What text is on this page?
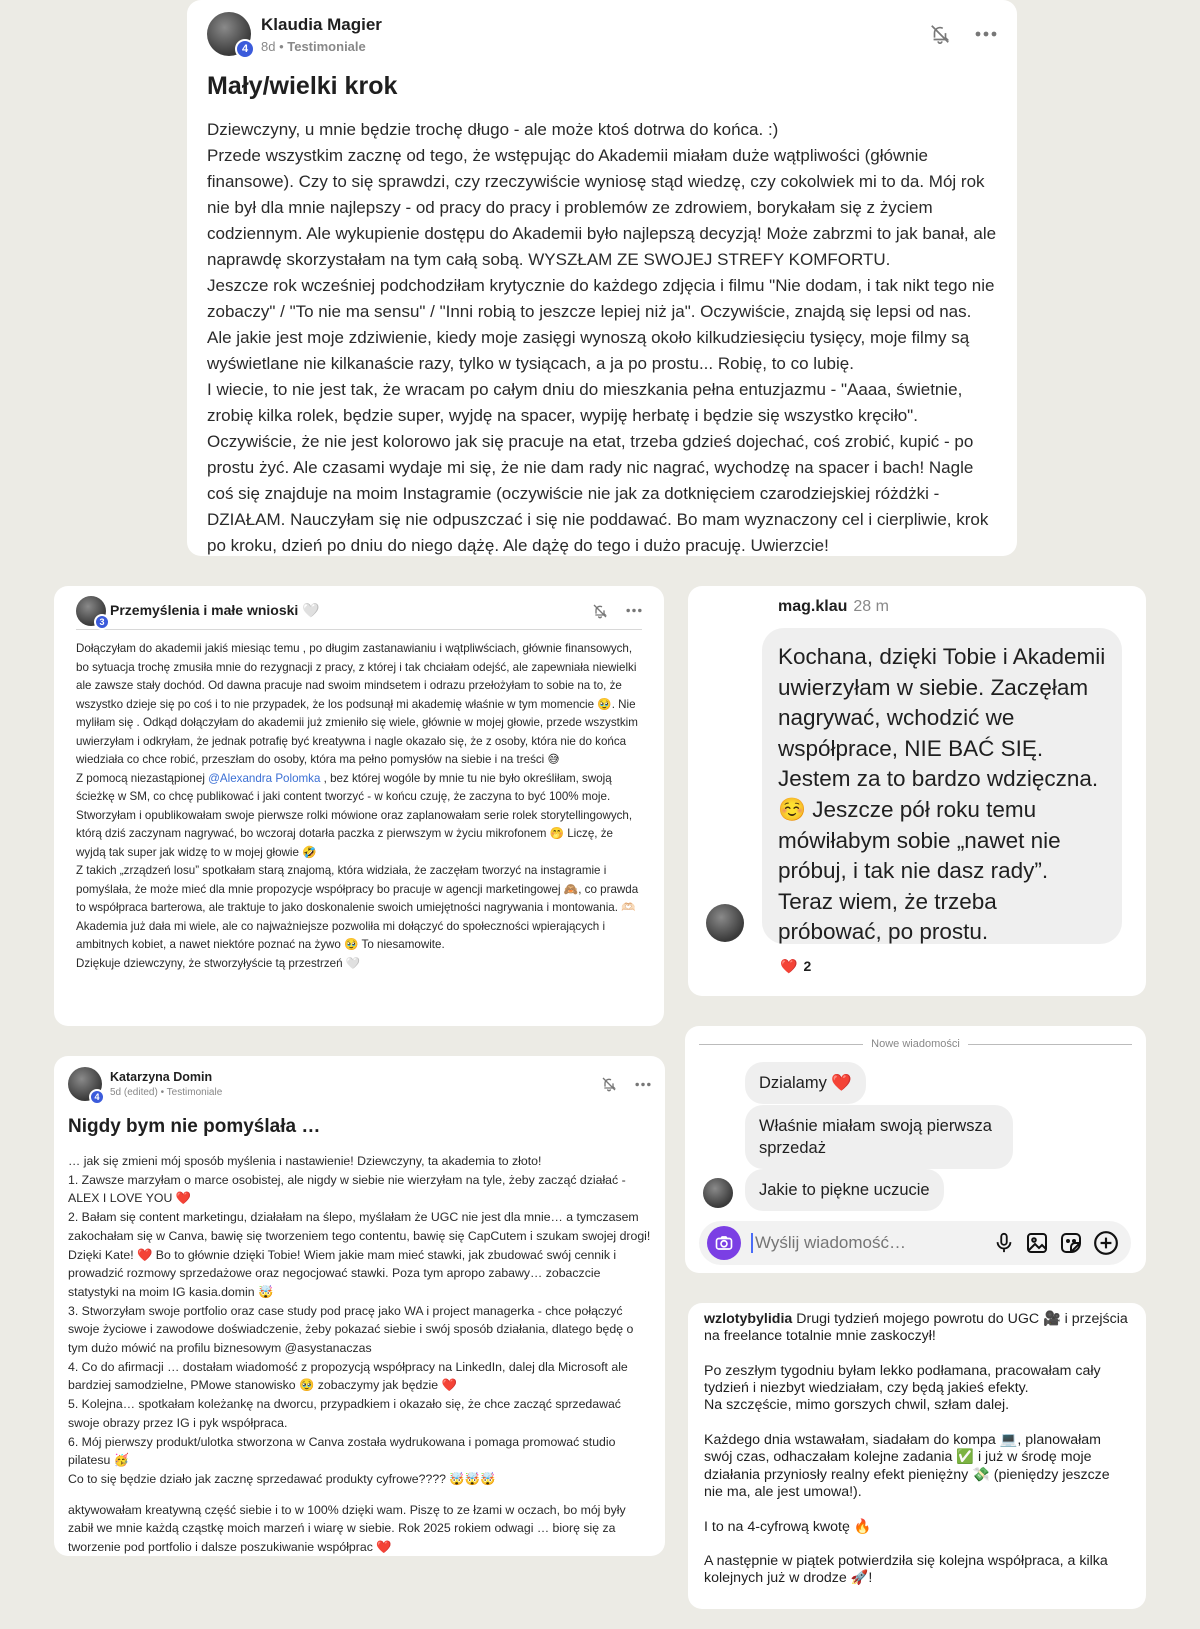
4
Klaudia Magier
8d • Testimoniale
Mały/wielki krok
Dziewczyny, u mnie będzie trochę długo - ale może ktoś dotrwa do końca. :)
Przede wszystkim zacznę od tego, że wstępując do Akademii miałam duże wątpliwości (głównie finansowe). Czy to się sprawdzi, czy rzeczywiście wyniosę stąd wiedzę, czy cokolwiek mi to da. Mój rok nie był dla mnie najlepszy - od pracy do pracy i problemów ze zdrowiem, borykałam się z życiem codziennym. Ale wykupienie dostępu do Akademii było najlepszą decyzją! Może zabrzmi to jak banał, ale naprawdę skorzystałam na tym całą sobą. WYSZŁAM ZE SWOJEJ STREFY KOMFORTU.
Jeszcze rok wcześniej podchodziłam krytycznie do każdego zdjęcia i filmu "Nie dodam, i tak nikt tego nie zobaczy" / "To nie ma sensu" / "Inni robią to jeszcze lepiej niż ja". Oczywiście, znajdą się lepsi od nas. Ale jakie jest moje zdziwienie, kiedy moje zasięgi wynoszą około kilkudziesięciu tysięcy, moje filmy są wyświetlane nie kilkanaście razy, tylko w tysiącach, a ja po prostu... Robię, to co lubię.
I wiecie, to nie jest tak, że wracam po całym dniu do mieszkania pełna entuzjazmu - "Aaaa, świetnie, zrobię kilka rolek, będzie super, wyjdę na spacer, wypiję herbatę i będzie się wszystko kręciło". Oczywiście, że nie jest kolorowo jak się pracuje na etat, trzeba gdzieś dojechać, coś zrobić, kupić - po prostu żyć. Ale czasami wydaje mi się, że nie dam rady nic nagrać, wychodzę na spacer i bach! Nagle coś się znajduje na moim Instagramie (oczywiście nie jak za dotknięciem czarodziejskiej różdżki - DZIAŁAM. Nauczyłam się nie odpuszczać i się nie poddawać. Bo mam wyznaczony cel i cierpliwie, krok po kroku, dzień po dniu do niego dążę. Ale dążę do tego i dużo pracuję. Uwierzcie!
3
Przemyślenia i małe wnioski 🤍
Dołączyłam do akademii jakiś miesiąc temu , po długim zastanawianiu i wątpliwściach, głównie finansowych, bo sytuacja trochę zmusiła mnie do rezygnacji z pracy, z której i tak chciałam odejść, ale zapewniała niewielki ale zawsze stały dochód. Od dawna pracuje nad swoim mindsetem i odrazu przełożyłam to sobie na to, że wszystko dzieje się po coś i to nie przypadek, że los podsunął mi akademię właśnie w tym momencie 🥹. Nie myliłam się . Odkąd dołączyłam do akademii już zmieniło się wiele, głównie w mojej głowie, przede wszystkim uwierzyłam i odkryłam, że jednak potrafię być kreatywna i nagle okazało się, że z osoby, która nie do końca wiedziała co chce robić, przeszłam do osoby, która ma pełno pomysłów na siebie i na treści 😅
Z pomocą niezastąpionej @Alexandra Polomka , bez której wogóle by mnie tu nie było określiłam, swoją ścieżkę w SM, co chcę publikować i jaki content tworzyć - w końcu czuję, że zaczyna to być 100% moje. Stworzyłam i opublikowałam swoje pierwsze rolki mówione oraz zaplanowałam serie rolek storytellingowych, którą dziś zaczynam nagrywać, bo wczoraj dotarła paczka z pierwszym w życiu mikrofonem 🤭 Liczę, że wyjdą tak super jak widzę to w mojej głowie 🤣
Z takich „zrządzeń losu” spotkałam starą znajomą, która widziała, że zaczęłam tworzyć na instagramie i pomyślała, że może mieć dla mnie propozycje współpracy bo pracuje w agencji marketingowej 🙈, co prawda to współpraca barterowa, ale traktuje to jako doskonalenie swoich umiejętności nagrywania i montowania. 🫶🏻
Akademia już dała mi wiele, ale co najważniejsze pozwoliła mi dołączyć do społeczności wpierających i ambitnych kobiet, a nawet niektóre poznać na żywo 🥹 To niesamowite.
Dziękuje dziewczyny, że stworzyłyście tą przestrzeń 🤍
mag.klau 28 m
Kochana, dzięki Tobie i Akademii uwierzyłam w siebie. Zaczęłam nagrywać, wchodzić we współprace, NIE BAĆ SIĘ. Jestem za to bardzo wdzięczna. ☺️ Jeszcze pół roku temu mówiłabym sobie „nawet nie próbuj, i tak nie dasz rady”. Teraz wiem, że trzeba próbować, po prostu.
❤️ 2
Nowe wiadomości
Dzialamy ❤️
Właśnie miałam swoją pierwsza sprzedaż
Jakie to piękne uczucie
Wyślij wiadomość…
4
Katarzyna Domin
5d (edited) • Testimoniale
Nigdy bym nie pomyślała …
… jak się zmieni mój sposób myślenia i nastawienie! Dziewczyny, ta akademia to złoto!
1. Zawsze marzyłam o marce osobistej, ale nigdy w siebie nie wierzyłam na tyle, żeby zacząć działać - ALEX I LOVE YOU ❤️
2. Bałam się content marketingu, działałam na ślepo, myślałam że UGC nie jest dla mnie… a tymczasem zakochałam się w Canva, bawię się tworzeniem tego contentu, bawię się CapCutem i szukam swojej drogi! Dzięki Kate! ❤️ Bo to głównie dzięki Tobie! Wiem jakie mam mieć stawki, jak zbudować swój cennik i prowadzić rozmowy sprzedażowe oraz negocjować stawki. Poza tym apropo zabawy… zobaczcie statystyki na moim IG kasia.domin 🤯
3. Stworzyłam swoje portfolio oraz case study pod pracę jako WA i project managerka - chce połączyć swoje życiowe i zawodowe doświadczenie, żeby pokazać siebie i swój sposób działania, dlatego będę o tym dużo mówić na profilu biznesowym @asystanaczas
4. Co do afirmacji … dostałam wiadomość z propozycją współpracy na LinkedIn, dalej dla Microsoft ale bardziej samodzielne, PMowe stanowisko 🥹 zobaczymy jak będzie ❤️
5. Kolejna… spotkałam koleżankę na dworcu, przypadkiem i okazało się, że chce zacząć sprzedawać swoje obrazy przez IG i pyk współpraca.
6. Mój pierwszy produkt/ulotka stworzona w Canva została wydrukowana i pomaga promować studio pilatesu 🥳
Co to się będzie działo jak zacznę sprzedawać produkty cyfrowe???? 🤯🤯🤯
aktywowałam kreatywną część siebie i to w 100% dzięki wam. Piszę to ze łzami w oczach, bo mój były zabił we mnie każdą cząstkę moich marzeń i wiarę w siebie. Rok 2025 rokiem odwagi … biorę się za tworzenie pod portfolio i dalsze poszukiwanie współprac ❤️
wzlotybylidia Drugi tydzień mojego powrotu do UGC 🎥 i przejścia na freelance totalnie mnie zaskoczył!

Po zeszłym tygodniu byłam lekko podłamana, pracowałam cały tydzień i niezbyt wiedziałam, czy będą jakieś efekty.
Na szczęście, mimo gorszych chwil, szłam dalej.

Każdego dnia wstawałam, siadałam do kompa 💻, planowałam swój czas, odhaczałam kolejne zadania ✅ i już w środę moje działania przyniosły realny efekt pieniężny 💸 (pieniędzy jeszcze nie ma, ale jest umowa!).

I to na 4-cyfrową kwotę 🔥

A następnie w piątek potwierdziła się kolejna współpraca, a kilka kolejnych już w drodze 🚀!
